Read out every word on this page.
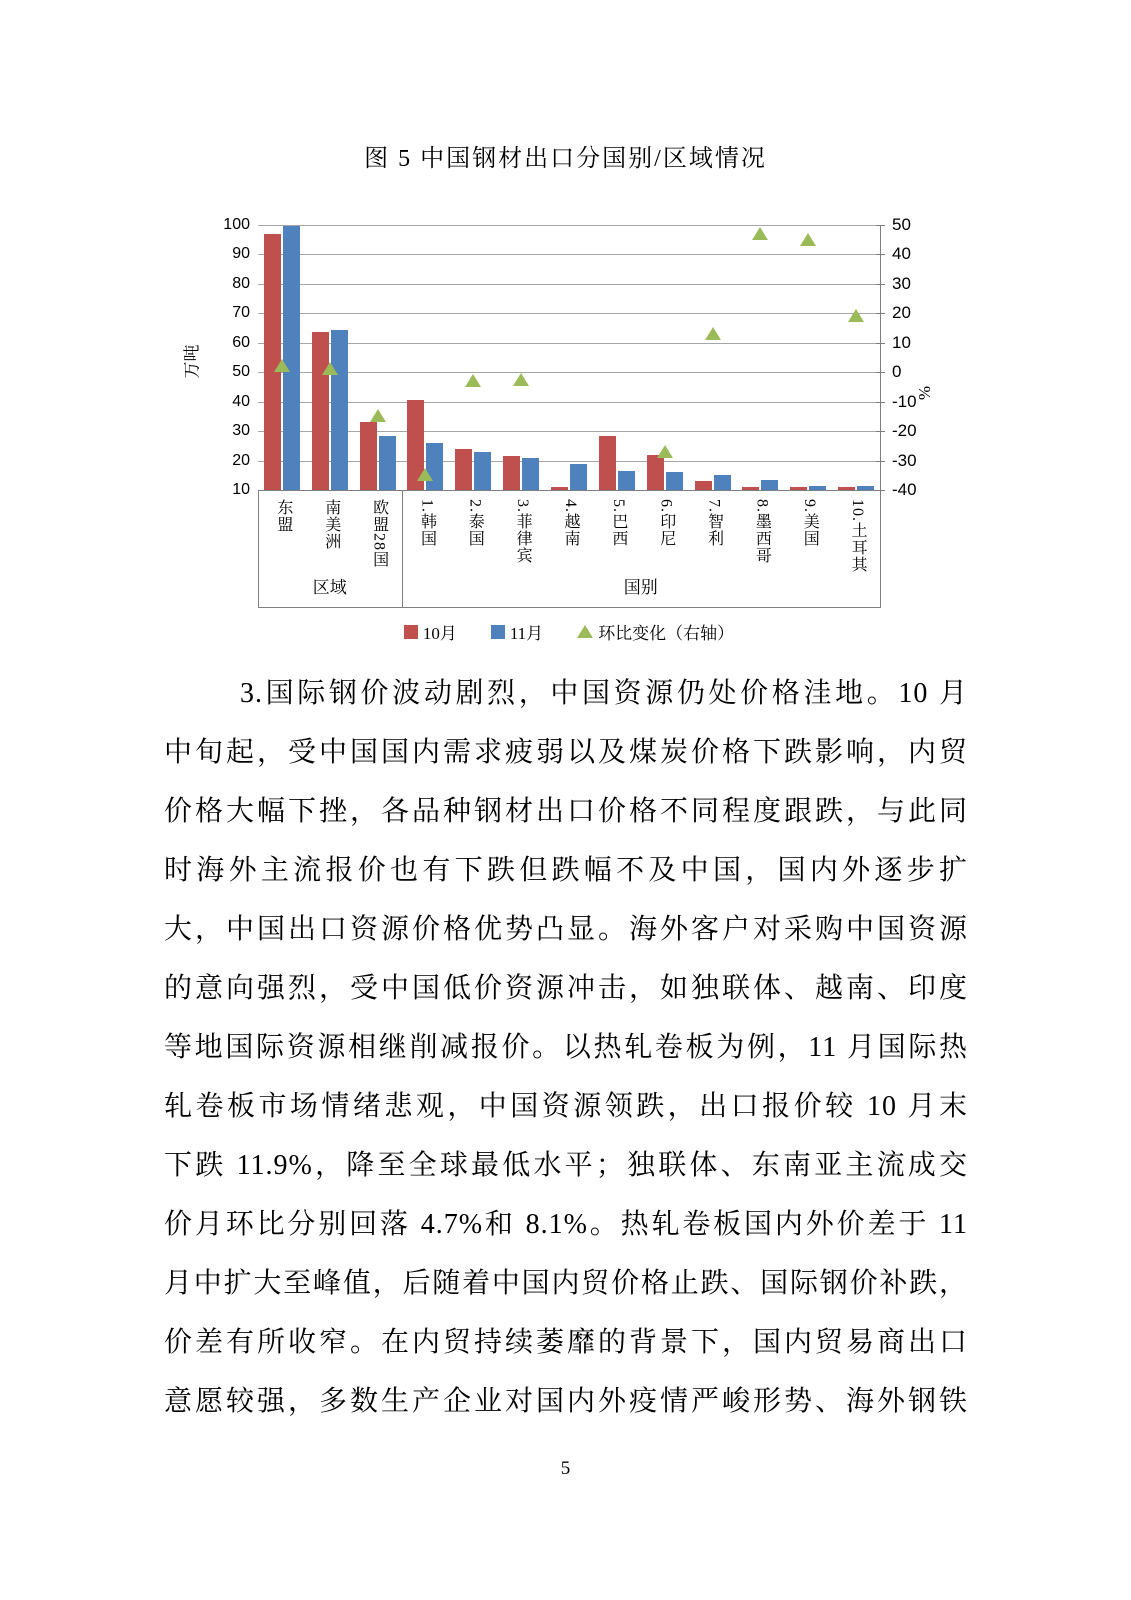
图 5 中国钢材出口分国别/区域情况
100
90
80
70
60
50
40
30
20
10
50
40
30
20
10
0
-10
-20
-30
-40
东盟 南美洲 欧盟28国 1.韩国 2.泰国 3.菲律宾 4.越南 5.巴西 6.印尼 7.智利 8.墨西哥 9.美国 10.土耳其
区域	国别
万吨
%
10月	11月	环比变化（右轴）
3.国际钢价波动剧烈，中国资源仍处价格洼地。10 月
中旬起，受中国国内需求疲弱以及煤炭价格下跌影响，内贸
价格大幅下挫，各品种钢材出口价格不同程度跟跌，与此同
时海外主流报价也有下跌但跌幅不及中国，国内外逐步扩
大，中国出口资源价格优势凸显。海外客户对采购中国资源
的意向强烈，受中国低价资源冲击，如独联体、越南、印度
等地国际资源相继削减报价。以热轧卷板为例，11 月国际热
轧卷板市场情绪悲观，中国资源领跌，出口报价较 10 月末
下跌 11.9%，降至全球最低水平；独联体、东南亚主流成交
价月环比分别回落 4.7%和 8.1%。热轧卷板国内外价差于 11
月中扩大至峰值，后随着中国内贸价格止跌、国际钢价补跌，
价差有所收窄。在内贸持续萎靡的背景下，国内贸易商出口
意愿较强，多数生产企业对国内外疫情严峻形势、海外钢铁
5
